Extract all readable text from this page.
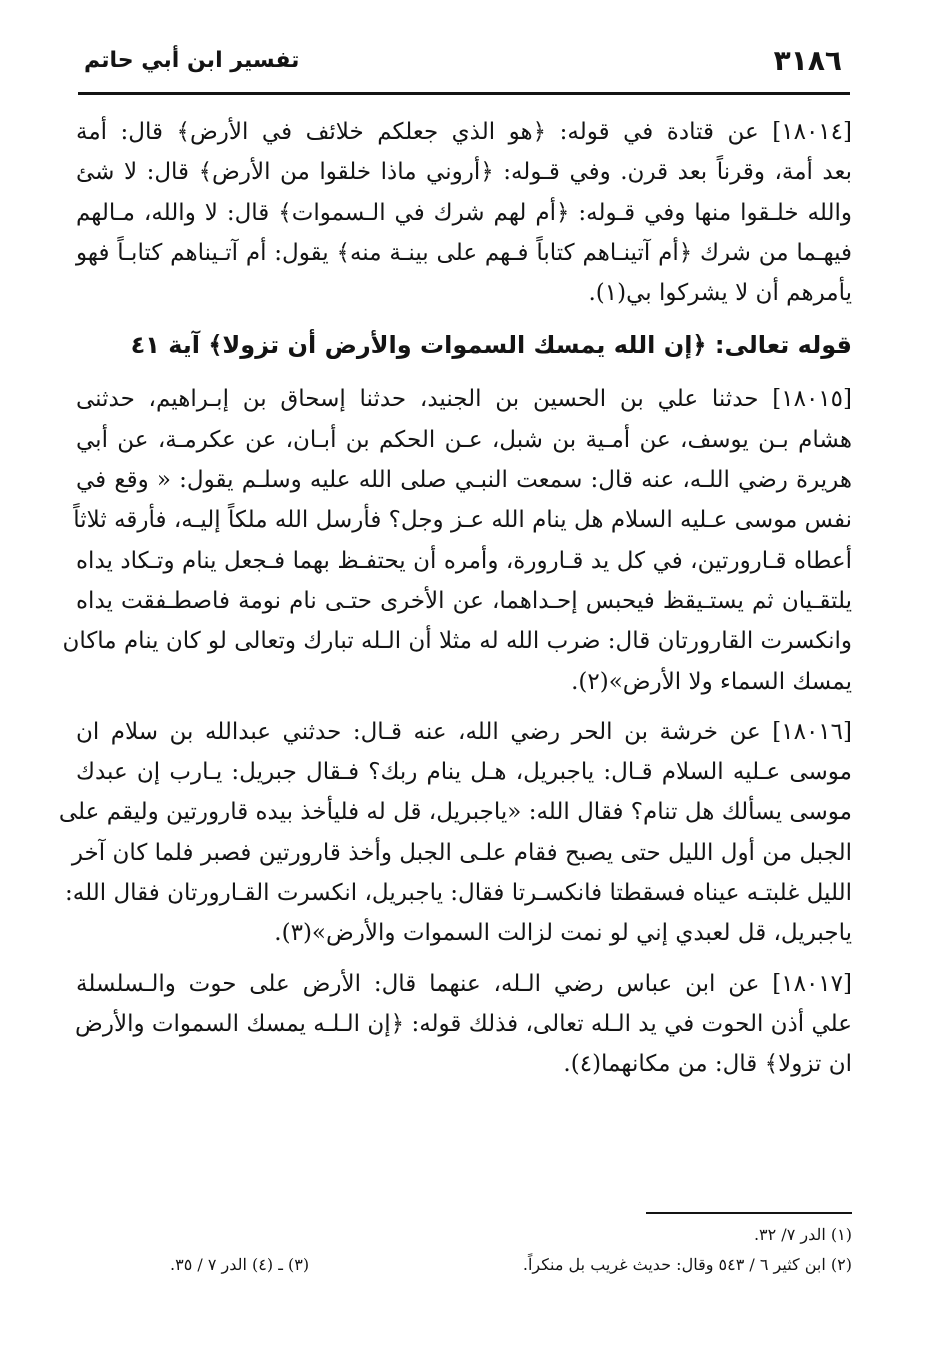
٣١٨٦
تفسير ابن أبي حاتم
[١٨٠١٤] عن قتادة في قوله: ﴿هو الذي جعلكم خلائف في الأرض﴾ قال: أمة
بعد أمة، وقرناً بعد قرن. وفي قـوله: ﴿أروني ماذا خلقوا من الأرض﴾ قال: لا شئ
والله خلـقوا منها وفي قـوله: ﴿أم لهم شرك في الـسموات﴾ قال: لا والله، مـالهم
فيهـما من شرك ﴿أم آتينـاهم كتاباً فـهم على بينـة منه﴾ يقول: أم آتـيناهم كتابـاً فهو
يأمرهم أن لا يشركوا بي(١).
قوله تعالى: ﴿إن الله يمسك السموات والأرض أن تزولا﴾ آية ٤١
[١٨٠١٥] حدثنا علي بن الحسين بن الجنيد، حدثنا إسحاق بن إبـراهيم، حدثنى
هشام بـن يوسف، عن أمـية بن شبل، عـن الحكم بن أبـان، عن عكرمـة، عن أبي
هريرة رضي اللـه، عنه قال: سمعت النبـي صلى الله عليه وسلـم يقول: « وقع في
نفس موسى عـليه السلام هل ينام الله عـز وجل؟ فأرسل الله ملكاً إليـه، فأرقه ثلاثاً
أعطاه قـارورتين، في كل يد قـارورة، وأمره أن يحتفـظ بهما فـجعل ينام وتـكاد يداه
يلتقـيان ثم يستـيقظ فيحبس إحـداهما، عن الأخرى حتـى نام نومة فاصطـفقت يداه
وانكسرت القارورتان قال: ضرب الله له مثلا أن الـله تبارك وتعالى لو كان ينام ماكان
يمسك السماء ولا الأرض»(٢).
[١٨٠١٦] عن خرشة بن الحر رضي الله، عنه قـال: حدثني عبدالله بن سلام ان
موسى عـليه السلام قـال: ياجبريل، هـل ينام ربك؟ فـقال جبريل: يـارب إن عبدك
موسى يسألك هل تنام؟ فقال الله: «ياجبريل، قل له فليأخذ بيده قارورتين وليقم على
الجبل من أول الليل حتى يصبح فقام علـى الجبل وأخذ قارورتين فصبر فلما كان آخر
الليل غلبتـه عيناه فسقطتا فانكسـرتا فقال: ياجبريل، انكسرت القـارورتان فقال الله:
ياجبريل، قل لعبدي إني لو نمت لزالت السموات والأرض»(٣).
[١٨٠١٧] عن ابن عباس رضي الـله، عنهما قال: الأرض على حوت والـسلسلة
علي أذن الحوت في يد الـله تعالى، فذلك قوله: ﴿إن الـلـه يمسك السموات والأرض
ان تزولا﴾ قال: من مكانهما(٤).
(١) الدر ٧/ ٣٢.
(٢) ابن كثير ٦ / ٥٤٣ وقال: حديث غريب بل منكراً.
(٣) ـ (٤) الدر ٧ / ٣٥.
